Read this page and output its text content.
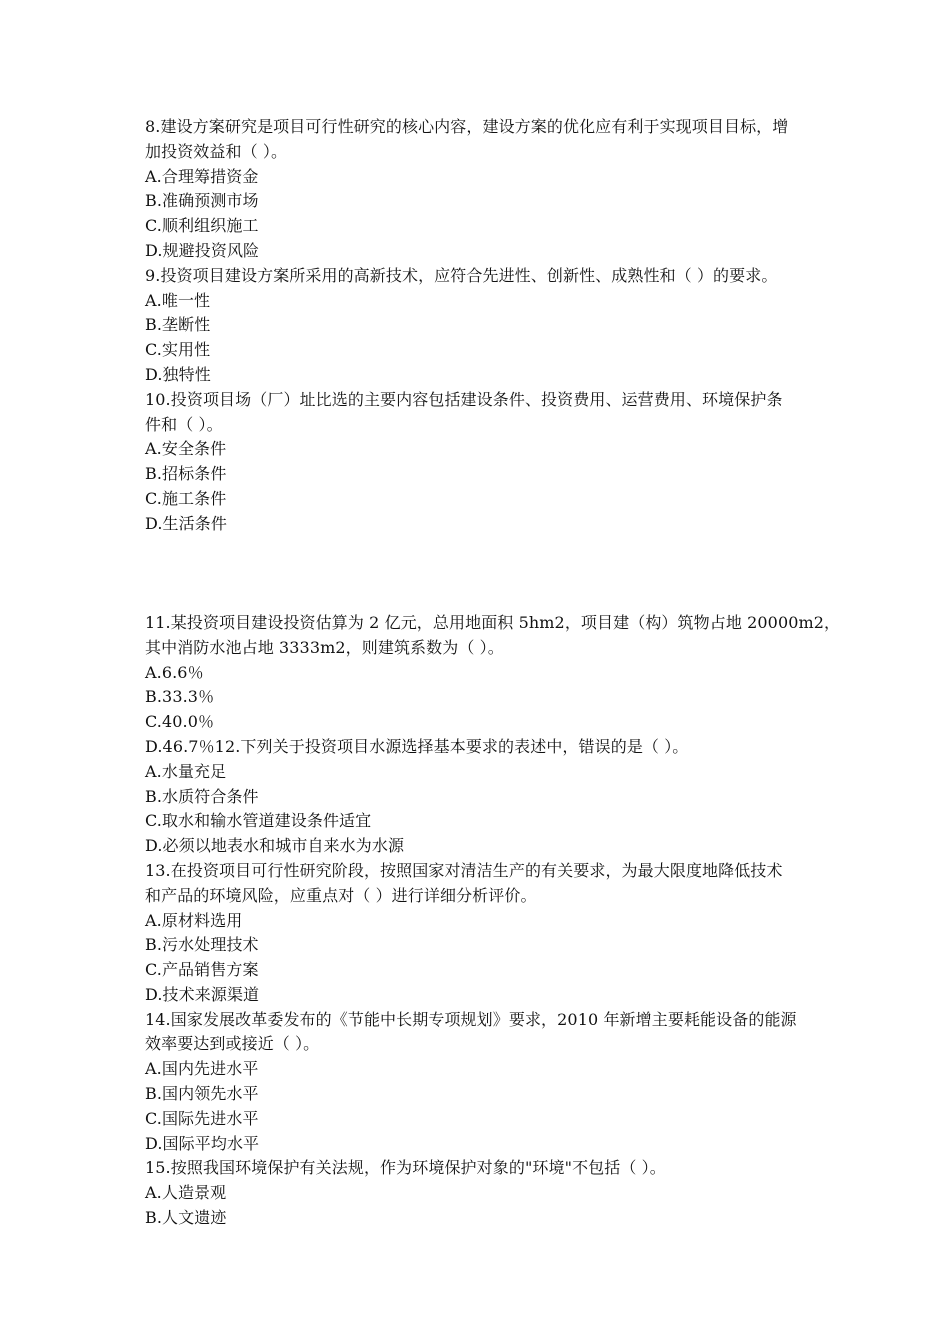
8.建设方案研究是项目可行性研究的核心内容，建设方案的优化应有利于实现项目目标，增
加投资效益和（ ）。
A.合理筹措资金
B.准确预测市场
C.顺利组织施工
D.规避投资风险
9.投资项目建设方案所采用的高新技术，应符合先进性、创新性、成熟性和（ ）的要求。
A.唯一性
B.垄断性
C.实用性
D.独特性
10.投资项目场（厂）址比选的主要内容包括建设条件、投资费用、运营费用、环境保护条
件和（ ）。
A.安全条件
B.招标条件
C.施工条件
D.生活条件
11.某投资项目建设投资估算为 2 亿元，总用地面积 5hm2，项目建（构）筑物占地 20000m2，
其中消防水池占地 3333m2，则建筑系数为（ ）。
A.6.6％
B.33.3％
C.40.0％
D.46.7％12.下列关于投资项目水源选择基本要求的表述中，错误的是（ ）。
A.水量充足
B.水质符合条件
C.取水和输水管道建设条件适宜
D.必须以地表水和城市自来水为水源
13.在投资项目可行性研究阶段，按照国家对清洁生产的有关要求，为最大限度地降低技术
和产品的环境风险，应重点对（ ）进行详细分析评价。
A.原材料选用
B.污水处理技术
C.产品销售方案
D.技术来源渠道
14.国家发展改革委发布的《节能中长期专项规划》要求，2010 年新增主要耗能设备的能源
效率要达到或接近（ ）。
A.国内先进水平
B.国内领先水平
C.国际先进水平
D.国际平均水平
15.按照我国环境保护有关法规，作为环境保护对象的"环境"不包括（ ）。
A.人造景观
B.人文遗迹
